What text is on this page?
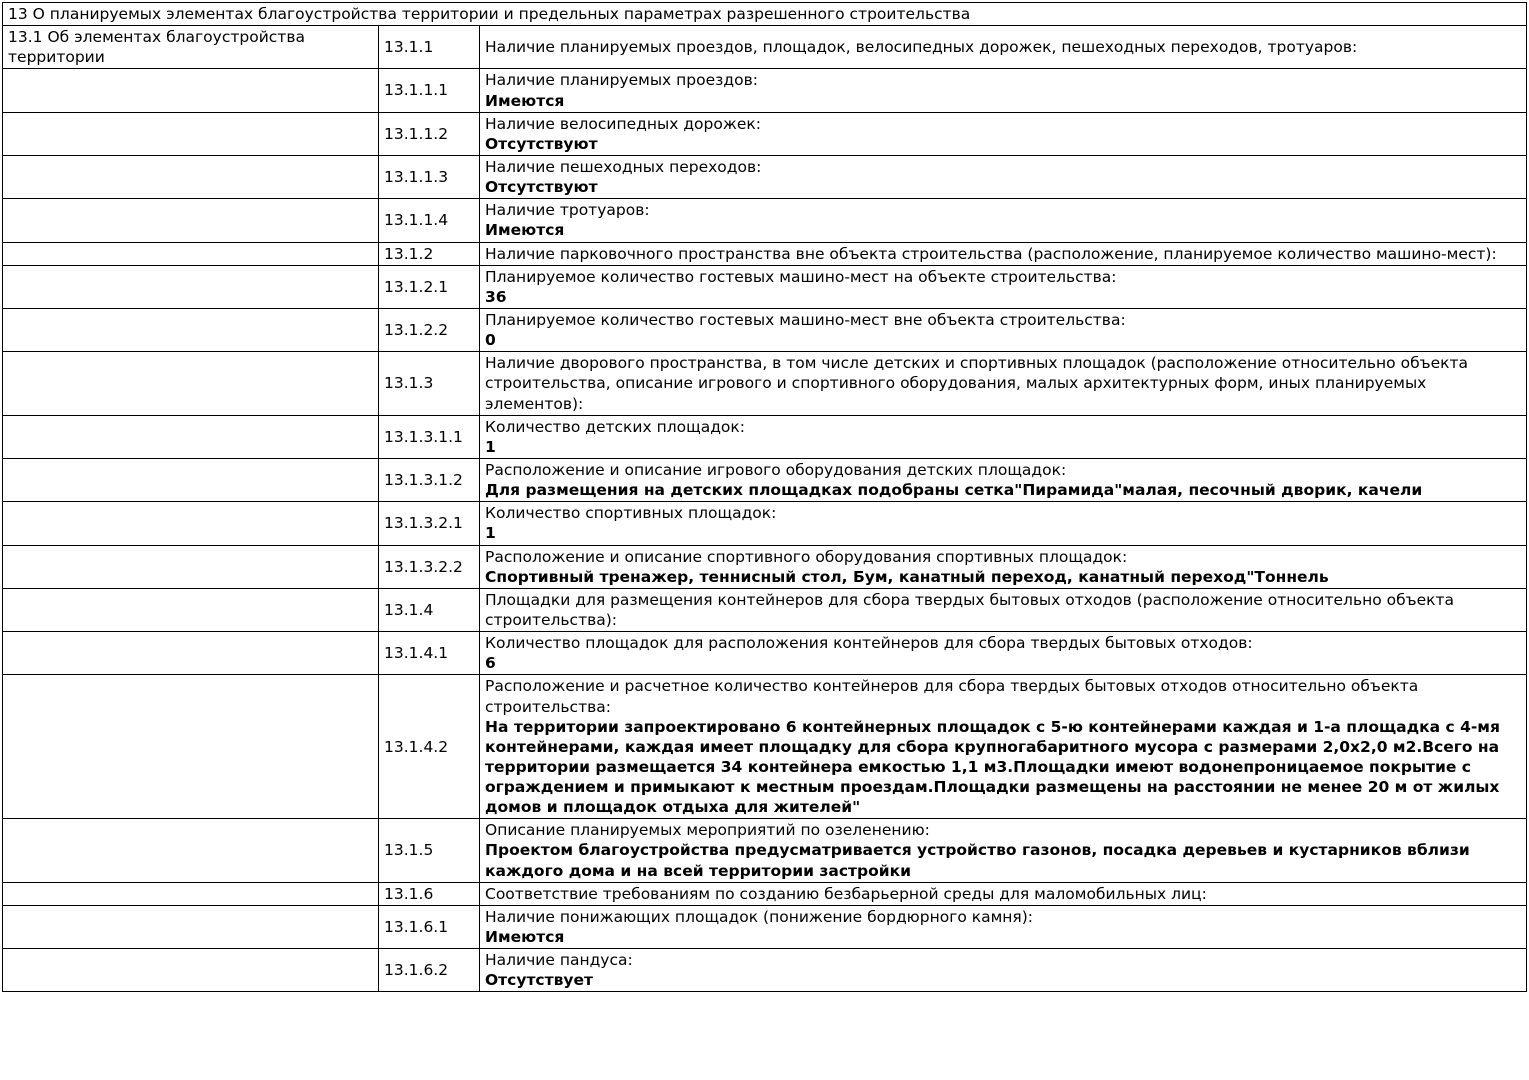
13 О планируемых элементах благоустройства территории и предельных параметрах разрешенного строительства		
13.1 Об элементах благоустройства территории	13.1.1	Наличие планируемых проездов, площадок, велосипедных дорожек, пешеходных переходов, тротуаров:

	13.1.1.1	Наличие планируемых проездов:
Имеются

	13.1.1.2	Наличие велосипедных дорожек:
Отсутствуют

	13.1.1.3	Наличие пешеходных переходов:
Отсутствуют

	13.1.1.4	Наличие тротуаров:
Имеются

	13.1.2	Наличие парковочного пространства вне объекта строительства (расположение, планируемое количество машино-мест):

	13.1.2.1	Планируемое количество гостевых машино-мест на объекте строительства:
36

	13.1.2.2	Планируемое количество гостевых машино-мест вне объекта строительства:
0

	13.1.3	Наличие дворового пространства, в том числе детских и спортивных площадок (расположение относительно объекта строительства, описание игрового и спортивного оборудования, малых архитектурных форм, иных планируемых элементов):

	13.1.3.1.1	Количество детских площадок:
1

	13.1.3.1.2	Расположение и описание игрового оборудования детских площадок:
Для размещения на детских площадках подобраны сетка"Пирамида"малая, песочный дворик, качели

	13.1.3.2.1	Количество спортивных площадок:
1

	13.1.3.2.2	Расположение и описание спортивного оборудования спортивных площадок:
Спортивный тренажер, теннисный стол, Бум, канатный переход, канатный переход"Тоннель

	13.1.4	Площадки для размещения контейнеров для сбора твердых бытовых отходов (расположение относительно объекта строительства):

	13.1.4.1	Количество площадок для расположения контейнеров для сбора твердых бытовых отходов:
6

	13.1.4.2	Расположение и расчетное количество контейнеров для сбора твердых бытовых отходов относительно объекта строительства:
На территории запроектировано 6 контейнерных площадок с 5-ю контейнерами каждая и 1-а площадка с 4-мя контейнерами, каждая имеет площадку для сбора крупногабаритного мусора с размерами 2,0х2,0 м2.Всего на территории размещается 34 контейнера емкостью 1,1 м3.Площадки имеют водонепроницаемое покрытие с ограждением и примыкают к местным проездам.Площадки размещены на расстоянии не менее 20 м от жилых домов и площадок отдыха для жителей"

	13.1.5	Описание планируемых мероприятий по озеленению:
Проектом благоустройства предусматривается устройство газонов, посадка деревьев и кустарников вблизи каждого дома и на всей территории застройки

	13.1.6	Соответствие требованиям по созданию безбарьерной среды для маломобильных лиц:

	13.1.6.1	Наличие понижающих площадок (понижение бордюрного камня):
Имеются

	13.1.6.2	Наличие пандуса:
Отсутствует
